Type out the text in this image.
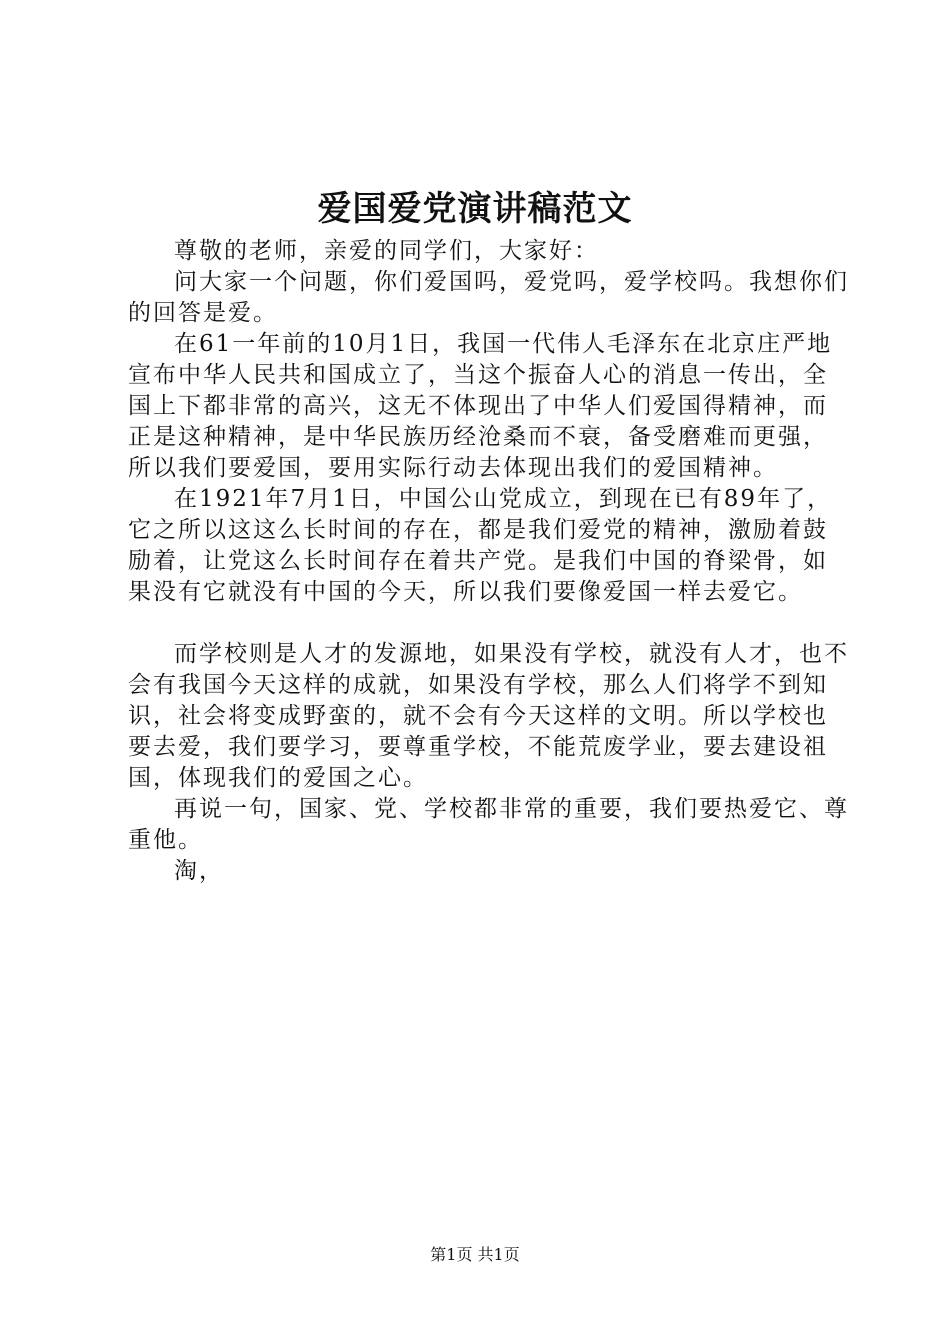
爱国爱党演讲稿范文

尊敬的老师，亲爱的同学们，大家好：

问大家一个问题，你们爱国吗，爱党吗，爱学校吗。我想你们的回答是爱。

在61一年前的10月1日，我国一代伟人毛泽东在北京庄严地宣布中华人民共和国成立了，当这个振奋人心的消息一传出，全国上下都非常的高兴，这无不体现出了中华人们爱国得精神，而正是这种精神，是中华民族历经沧桑而不衰，备受磨难而更强，所以我们要爱国，要用实际行动去体现出我们的爱国精神。

在1921年7月1日，中国公山党成立，到现在已有89年了，它之所以这这么长时间的存在，都是我们爱党的精神，激励着鼓励着，让党这么长时间存在着共产党。是我们中国的脊梁骨，如果没有它就没有中国的今天，所以我们要像爱国一样去爱它。

而学校则是人才的发源地，如果没有学校，就没有人才，也不会有我国今天这样的成就，如果没有学校，那么人们将学不到知识，社会将变成野蛮的，就不会有今天这样的文明。所以学校也要去爱，我们要学习，要尊重学校，不能荒废学业，要去建设祖国，体现我们的爱国之心。

再说一句，国家、党、学校都非常的重要，我们要热爱它、尊重他。

淘，

第1页 共1页
